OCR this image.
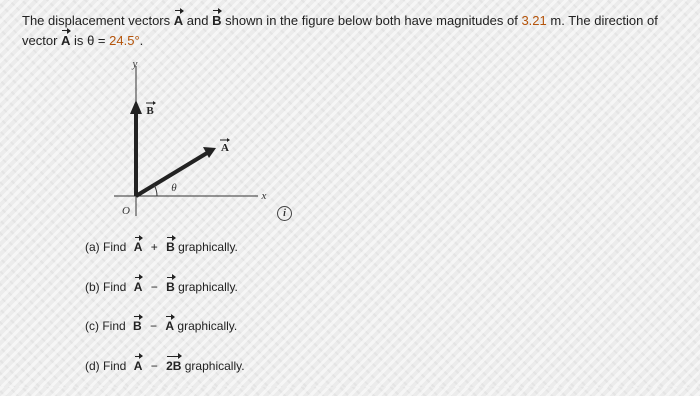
The displacement vectors A and B shown in the figure below both have magnitudes of 3.21 m. The direction of vector A is θ = 24.5°.
y
x
O
B
A
θ
i
(a) Find A + B graphically.
(b) Find A − B graphically.
(c) Find B − A graphically.
(d) Find A − 2B graphically.
